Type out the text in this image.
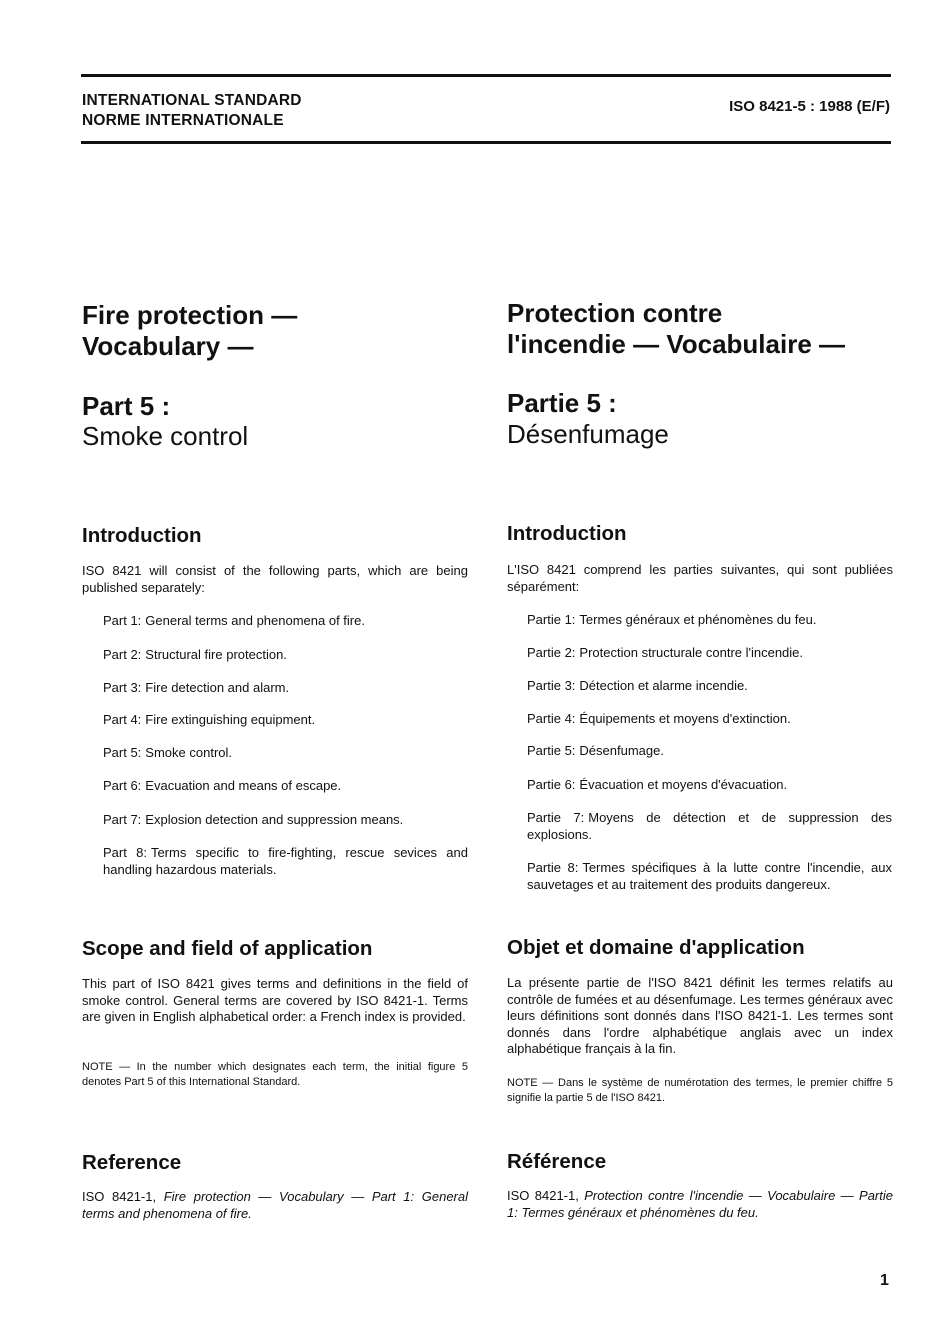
INTERNATIONAL STANDARD
NORME INTERNATIONALE
ISO 8421-5 : 1988 (E/F)
Fire protection —
Vocabulary —
Part 5 :
Smoke control
Introduction
ISO 8421 will consist of the following parts, which are being published separately:
Part 1: General terms and phenomena of fire.
Part 2: Structural fire protection.
Part 3: Fire detection and alarm.
Part 4: Fire extinguishing equipment.
Part 5: Smoke control.
Part 6: Evacuation and means of escape.
Part 7: Explosion detection and suppression means.
Part 8: Terms specific to fire-fighting, rescue sevices and handling hazardous materials.
Scope and field of application
This part of ISO 8421 gives terms and definitions in the field of smoke control. General terms are covered by ISO 8421-1. Terms are given in English alphabetical order: a French index is provided.
NOTE — In the number which designates each term, the initial figure 5 denotes Part 5 of this International Standard.
Reference
ISO 8421-1, Fire protection — Vocabulary — Part 1: General terms and phenomena of fire.
Protection contre
l'incendie — Vocabulaire —
Partie 5 :
Désenfumage
Introduction
L'ISO 8421 comprend les parties suivantes, qui sont publiées séparément:
Partie 1: Termes généraux et phénomènes du feu.
Partie 2: Protection structurale contre l'incendie.
Partie 3: Détection et alarme incendie.
Partie 4: Équipements et moyens d'extinction.
Partie 5: Désenfumage.
Partie 6: Évacuation et moyens d'évacuation.
Partie 7: Moyens de détection et de suppression des explosions.
Partie 8: Termes spécifiques à la lutte contre l'incendie, aux sauvetages et au traitement des produits dangereux.
Objet et domaine d'application
La présente partie de l'ISO 8421 définit les termes relatifs au contrôle de fumées et au désenfumage. Les termes généraux avec leurs définitions sont donnés dans l'ISO 8421-1. Les termes sont donnés dans l'ordre alphabétique anglais avec un index alphabétique français à la fin.
NOTE — Dans le système de numérotation des termes, le premier chiffre 5 signifie la partie 5 de l'ISO 8421.
Référence
ISO 8421-1, Protection contre l'incendie — Vocabulaire — Partie 1: Termes généraux et phénomènes du feu.
1
